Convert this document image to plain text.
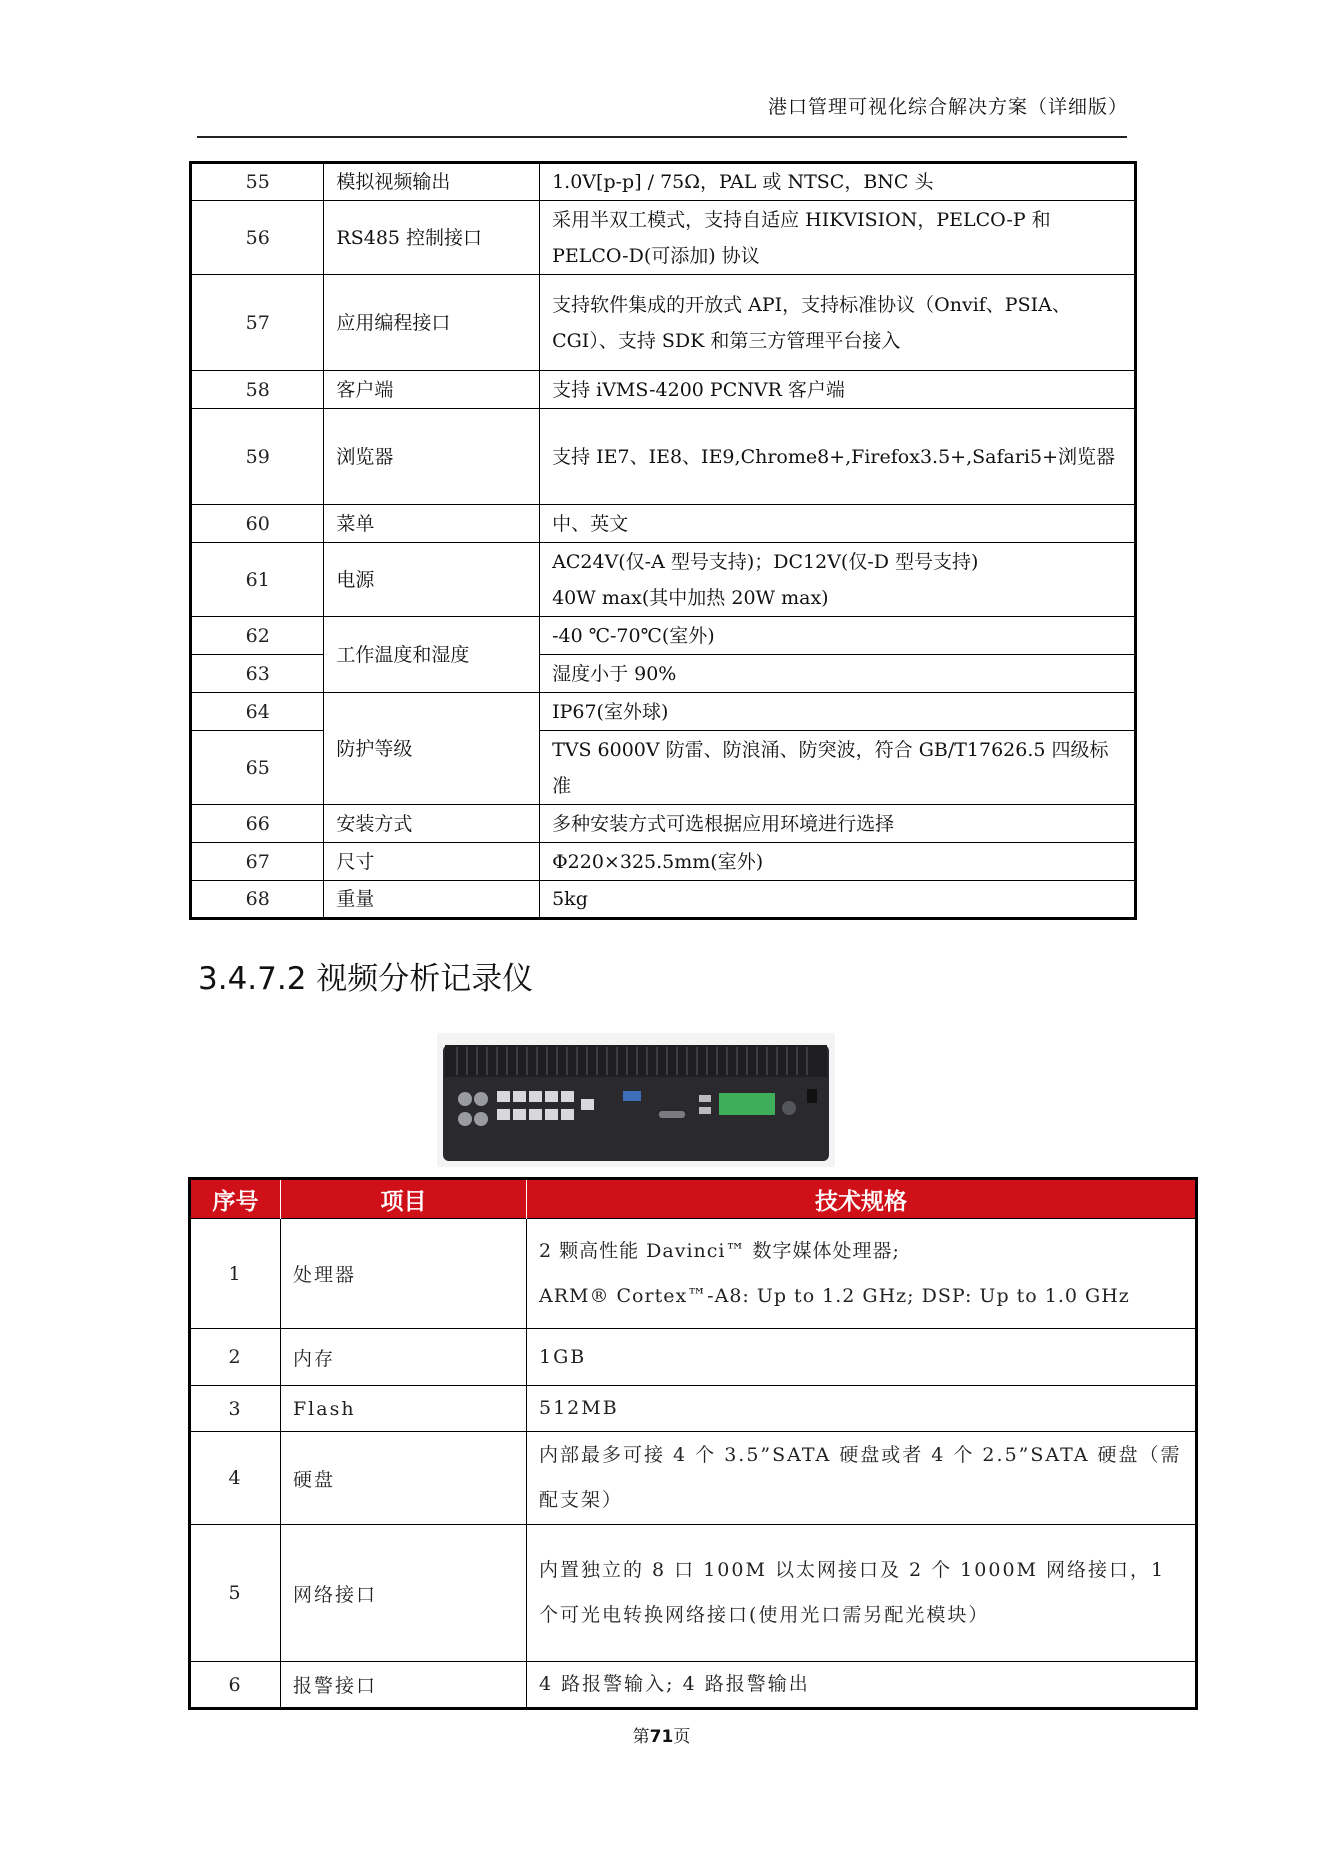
港口管理可视化综合解决方案（详细版）
55	模拟视频输出	1.0V[p-p] / 75Ω，PAL 或 NTSC，BNC 头
56	RS485 控制接口	采用半双工模式，支持自适应 HIKVISION，PELCO-P 和 PELCO-D(可添加) 协议
57	应用编程接口	支持软件集成的开放式 API，支持标准协议（Onvif、PSIA、CGI）、支持 SDK 和第三方管理平台接入
58	客户端	支持 iVMS-4200 PCNVR 客户端
59	浏览器	支持 IE7、IE8、IE9,Chrome8+,Firefox3.5+,Safari5+浏览器
60	菜单	中、英文
61	电源	AC24V(仅-A 型号支持)；DC12V(仅-D 型号支持)
40W max(其中加热 20W max)

62	工作温度和湿度	-40 ℃-70℃(室外)
63		湿度小于 90%
64	防护等级	IP67(室外球)
65		TVS 6000V 防雷、防浪涌、防突波，符合 GB/T17626.5 四级标准
66	安装方式	多种安装方式可选根据应用环境进行选择
67	尺寸	Φ220×325.5mm(室外)
68	重量	5kg
3.4.7.2 视频分析记录仪
序号	项目	技术规格
1	处理器	2 颗高性能 Davinci™ 数字媒体处理器;
ARM® Cortex™-A8: Up to 1.2 GHz; DSP: Up to 1.0 GHz

2	内存	1GB
3	Flash	512MB
4	硬盘	内部最多可接 4 个 3.5”SATA 硬盘或者 4 个 2.5”SATA 硬盘（需配支架）
5	网络接口	内置独立的 8 口 100M 以太网接口及 2 个 1000M 网络接口，1 个可光电转换网络接口(使用光口需另配光模块）
6	报警接口	4 路报警输入; 4 路报警输出
第71页
